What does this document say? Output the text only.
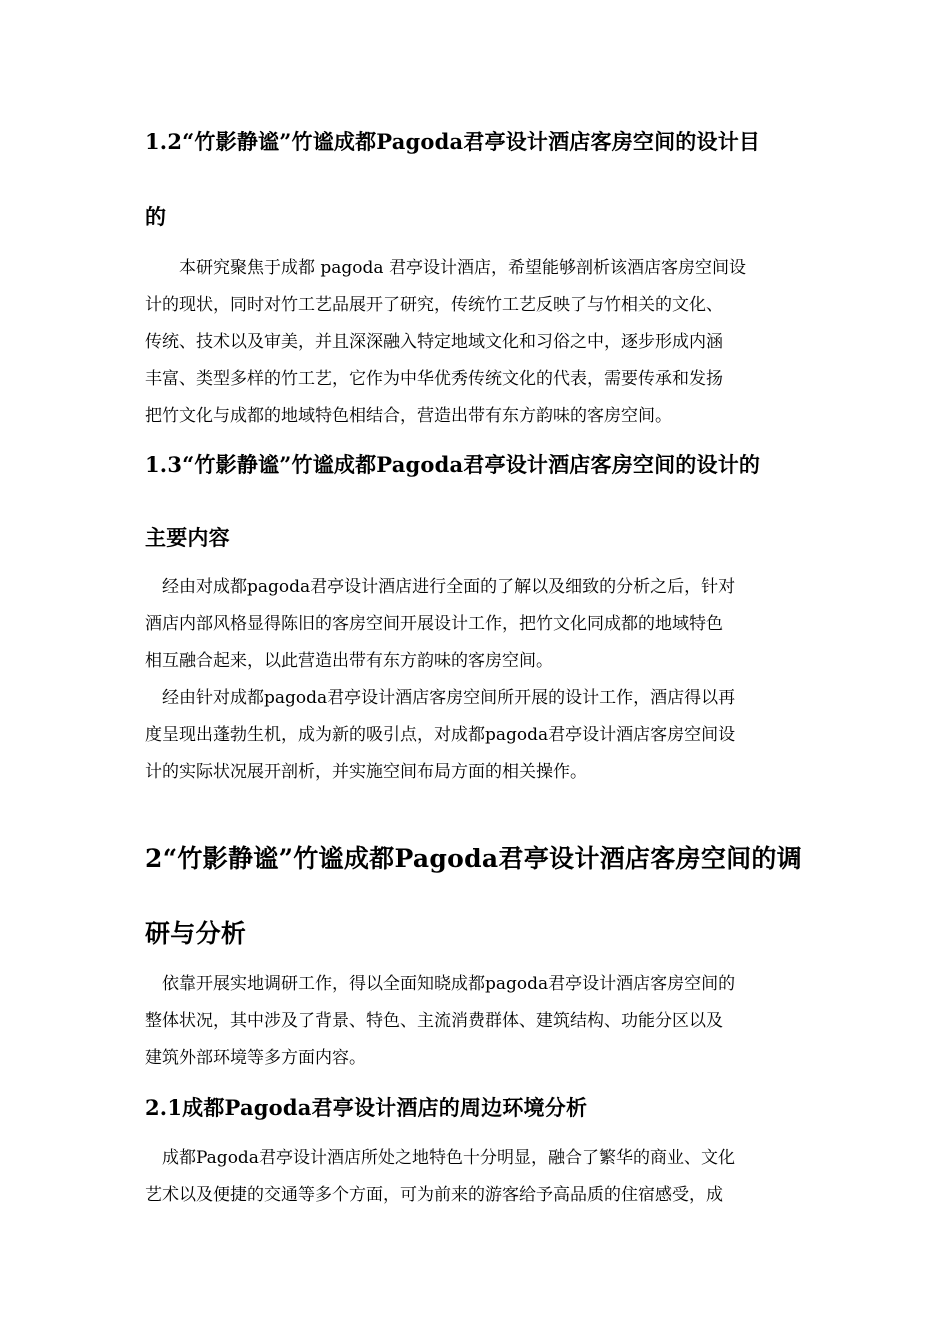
1.2“竹影静谧”竹谧成都Pagoda君亭设计酒店客房空间的设计目
的
本研究聚焦于成都 pagoda 君亭设计酒店，希望能够剖析该酒店客房空间设
计的现状，同时对竹工艺品展开了研究，传统竹工艺反映了与竹相关的文化、
传统、技术以及审美，并且深深融入特定地域文化和习俗之中，逐步形成内涵
丰富、类型多样的竹工艺，它作为中华优秀传统文化的代表，需要传承和发扬
把竹文化与成都的地域特色相结合，营造出带有东方韵味的客房空间。
1.3“竹影静谧”竹谧成都Pagoda君亭设计酒店客房空间的设计的
主要内容
经由对成都pagoda君亭设计酒店进行全面的了解以及细致的分析之后，针对
酒店内部风格显得陈旧的客房空间开展设计工作，把竹文化同成都的地域特色
相互融合起来，以此营造出带有东方韵味的客房空间。
经由针对成都pagoda君亭设计酒店客房空间所开展的设计工作，酒店得以再
度呈现出蓬勃生机，成为新的吸引点，对成都pagoda君亭设计酒店客房空间设
计的实际状况展开剖析，并实施空间布局方面的相关操作。
2“竹影静谧”竹谧成都Pagoda君亭设计酒店客房空间的调
研与分析
依靠开展实地调研工作，得以全面知晓成都pagoda君亭设计酒店客房空间的
整体状况，其中涉及了背景、特色、主流消费群体、建筑结构、功能分区以及
建筑外部环境等多方面内容。
2.1成都Pagoda君亭设计酒店的周边环境分析
成都Pagoda君亭设计酒店所处之地特色十分明显，融合了繁华的商业、文化
艺术以及便捷的交通等多个方面，可为前来的游客给予高品质的住宿感受，成
